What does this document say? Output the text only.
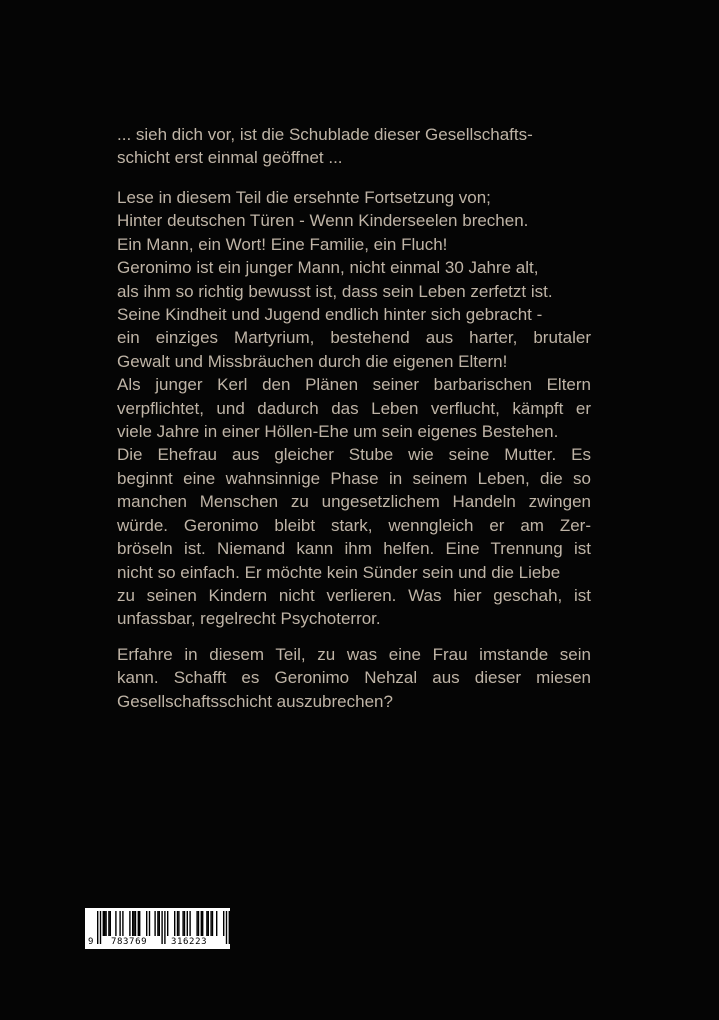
... sieh dich vor, ist die Schublade dieser Gesellschafts-
schicht erst einmal geöffnet ...
Lese in diesem Teil die ersehnte Fortsetzung von;
Hinter deutschen Türen - Wenn Kinderseelen brechen.
Ein Mann, ein Wort! Eine Familie, ein Fluch!
Geronimo ist ein junger Mann, nicht einmal 30 Jahre alt,
als ihm so richtig bewusst ist, dass sein Leben zerfetzt ist.
Seine Kindheit und Jugend endlich hinter sich gebracht -
ein einziges Martyrium, bestehend aus harter, brutaler
Gewalt und Missbräuchen durch die eigenen Eltern!
Als junger Kerl den Plänen seiner barbarischen Eltern
verpflichtet, und dadurch das Leben verflucht, kämpft er
viele Jahre in einer Höllen-Ehe um sein eigenes Bestehen.
Die Ehefrau aus gleicher Stube wie seine Mutter. Es
beginnt eine wahnsinnige Phase in seinem Leben, die so
manchen Menschen zu ungesetzlichem Handeln zwingen
würde. Geronimo bleibt stark, wenngleich er am Zer-
bröseln ist. Niemand kann ihm helfen. Eine Trennung ist
nicht so einfach. Er möchte kein Sünder sein und die Liebe
zu seinen Kindern nicht verlieren. Was hier geschah, ist
unfassbar, regelrecht Psychoterror.
Erfahre in diesem Teil, zu was eine Frau imstande sein
kann. Schafft es Geronimo Nehzal aus dieser miesen
Gesellschaftsschicht auszubrechen?
9 783769	316223
